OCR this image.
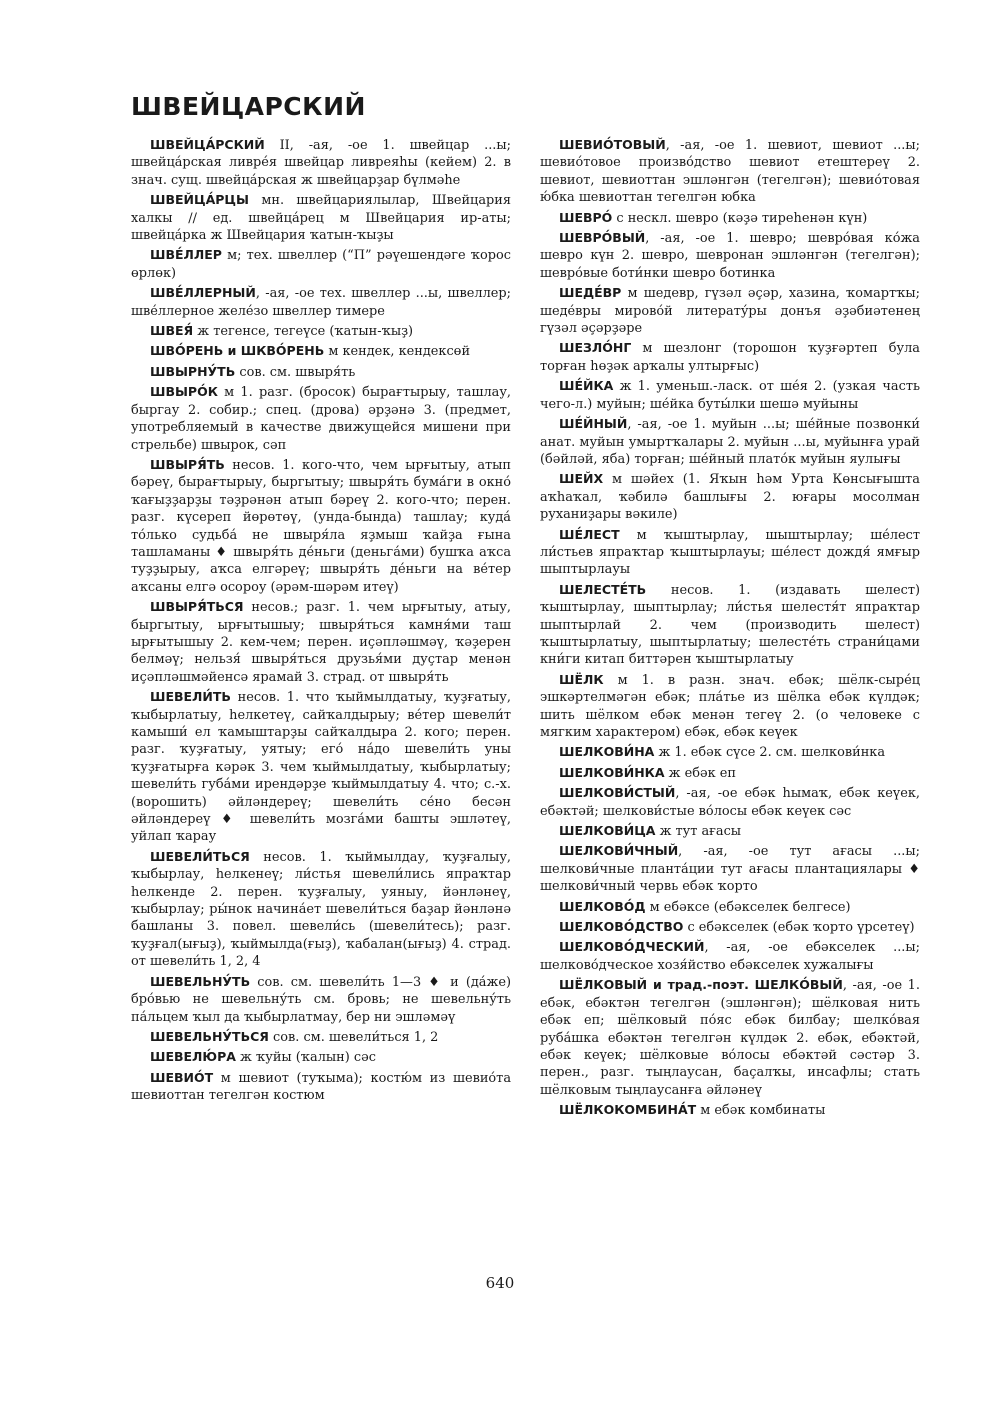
ШВЕЙЦАРСКИЙ

ШВЕЙЦА́РСКИЙ II, -ая, -ое 1. швейцар ...ы; швейца́рская ливре́я швейцар ливреяһы (кейем) 2. в знач. сущ. швейца́рская ж швейцарҙар бүлмәһе

ШВЕЙЦА́РЦЫ мн. швейцариялылар, Швейцария халкы // ед. швейца́рец м Швейцария ир-аты; швейца́рка ж Швейцария ҡатын-ҡыҙы

ШВЕ́ЛЛЕР м; тех. швеллер (“П” рәүешендәге ҡорос өрлөк)

ШВЕ́ЛЛЕРНЫЙ, -ая, -ое тех. швеллер ...ы, швеллер; шве́ллерное желе́зо швеллер тимере

ШВЕЯ́ ж тегенсе, тегеүсе (ҡатын-ҡыҙ)

ШВО́РЕНЬ и ШКВО́РЕНЬ м кендек, кендексөй

ШВЫРНУ́ТЬ сов. см. швыря́ть

ШВЫРО́К м 1. разг. (бросок) бырағтырыу, ташлау, быргау 2. собир.; спец. (дрова) әрҙәнә 3. (предмет, употребляемый в качестве движущейся мишени при стрельбе) швырок, сәп

ШВЫРЯ́ТЬ несов. 1. кого-что, чем ырғытыу, атып бәреү, бырағтырыу, быргытыу; швыря́ть бума́ги в окно́ ҡағыҙҙарҙы тәҙрәнән атып бәреү 2. кого-что; перен. разг. күсереп йөрөтөү, (унда-бында) ташлау; куда́ то́лько судьба́ не швыря́ла яҙмыш ҡайҙа ғына ташламаны ♦ швыря́ть де́ньги (деньга́ми) бушҡа аҡса туҙҙырыу, аҡса елгәреү; швыря́ть де́ньги на ве́тер аҡсаны елгә осороу (әрәм-шәрәм итеү)

ШВЫРЯ́ТЬСЯ несов.; разг. 1. чем ырғытыу, атыу, быргытыу, ырғытышыу; швыря́ться камня́ми таш ырғытышыу 2. кем-чем; перен. иҫәпләшмәү, ҡәҙерен белмәү; нельзя́ швыря́ться друзья́ми дуҫтар менән иҫәпләшмәйенсә ярамай 3. страд. от швыря́ть

ШЕВЕЛИ́ТЬ несов. 1. что ҡыймылдатыу, ҡуҙғатыу, ҡыбырлатыу, һелкетеү, сайҡалдырыу; ве́тер шевели́т камыши́ ел ҡамыштарҙы сайҡалдыра 2. кого; перен. разг. ҡуҙғатыу, уятыу; его́ на́до шевели́ть уны ҡуҙғатырға кәрәк 3. чем ҡыймылдатыу, ҡыбырлатыу; шевели́ть губа́ми ирендәрҙе ҡыймылдатыу 4. что; с.-х. (ворошить) әйләндереү; шевели́ть се́но бесән әйләндереү ♦ шевели́ть мозга́ми башты эшләтеү, уйлап ҡарау

ШЕВЕЛИ́ТЬСЯ несов. 1. ҡыймылдау, ҡуҙғалыу, ҡыбырлау, һелкенеү; ли́стья шевели́лись япраҡтар һелкенде 2. перен. ҡуҙғалыу, уяныу, йәнләнеү, ҡыбырлау; ры́нок начина́ет шевели́ться баҙар йәнләнә башланы 3. повел. шевели́сь (шевели́тесь); разг. ҡуҙғал(ығыҙ), ҡыймылда(ғыҙ), ҡабалан(ығыҙ) 4. страд. от шевели́ть 1, 2, 4

ШЕВЕЛЬНУ́ТЬ сов. см. шевели́ть 1—3 ♦ и (да́же) бро́вью не шевельну́ть см. бровь; не шевельну́ть па́льцем ҡыл да ҡыбырлатмау, бер ни эшләмәү

ШЕВЕЛЬНУ́ТЬСЯ сов. см. шевели́ться 1, 2

ШЕВЕЛЮ́РА ж ҡуйы (ҡалын) сәс

ШЕВИО́Т м шевиот (туҡыма); костю́м из шевио́та шевиоттан тегелгән костюм

ШЕВИО́ТОВЫЙ, -ая, -ое 1. шевиот, шевиот ...ы; шевио́товое произво́дство шевиот етештереү 2. шевиот, шевиоттан эшләнгән (тегелгән); шевио́товая ю́бка шевиоттан тегелгән юбка

ШЕВРО́ с нескл. шевро (кәҙә тиреһенән күн)

ШЕВРО́ВЫЙ, -ая, -ое 1. шевро; шевро́вая ко́жа шевро күн 2. шевро, шевронан эшләнгән (тегелгән); шевро́вые боти́нки шевро ботинка

ШЕДЕ́ВР м шедевр, гүзәл әҫәр, хазина, ҡомартҡы; шеде́вры мирово́й литерату́ры донъя әҙәбиәтенең гүзәл әҫәрҙәре

ШЕЗЛО́НГ м шезлонг (торошон ҡуҙғәртеп була торған һөҙәк арҡалы ултырғыс)

ШЕ́ЙКА ж 1. уменьш.-ласк. от ше́я 2. (узкая часть чего-л.) муйын; ше́йка буты́лки шешә муйыны

ШЕ́ЙНЫЙ, -ая, -ое 1. муйын ...ы; ше́йные позвонки́ анат. муйын умыртҡалары 2. муйын ...ы, муйынға урай (бәйләй, яба) торған; ше́йный плато́к муйын яулығы

ШЕЙХ м шәйех (1. Яҡын һәм Урта Көнсығышта аҡһаҡал, ҡәбилә башлығы 2. юғары мосолман руханиҙары вәкиле)

ШЕ́ЛЕСТ м ҡыштырлау, шыштырлау; ше́лест ли́стьев япраҡтар ҡыштырлауы; ше́лест дождя́ ямғыр шыптырлауы

ШЕЛЕСТЕ́ТЬ несов. 1. (издавать шелест) ҡыштырлау, шыптырлау; ли́стья шелестя́т япраҡтар шыптырлай 2. чем (производить шелест) ҡыштырлатыу, шыптырлатыу; шелесте́ть страни́цами кни́ги китап биттәрен ҡыштырлатыу

ШЁЛК м 1. в разн. знач. ебәк; шёлк-сыре́ц эшкәртелмәгән ебәк; пла́тье из шёлка ебәк күлдәк; шить шёлком ебәк менән тегеү 2. (о человеке с мягким характером) ебәк, ебәк кеүек

ШЕЛКОВИ́НА ж 1. ебәк сүсе 2. см. шелкови́нка

ШЕЛКОВИ́НКА ж ебәк еп

ШЕЛКОВИ́СТЫЙ, -ая, -ое ебәк һымаҡ, ебәк кеүек, ебәктәй; шелкови́стые во́лосы ебәк кеүек сәс

ШЕЛКОВИ́ЦА ж тут ағасы

ШЕЛКОВИ́ЧНЫЙ, -ая, -ое тут ағасы ...ы; шелкови́чные планта́ции тут ағасы плантациялары ♦ шелкови́чный червь ебәк ҡорто

ШЕЛКОВО́Д м ебәксе (ебәкселек белгесе)

ШЕЛКОВО́ДСТВО с ебәкселек (ебәк ҡорто үрсетеү)

ШЕЛКОВО́ДЧЕСКИЙ, -ая, -ое ебәкселек ...ы; шелково́дческое хозя́йство ебәкселек хужалығы

ШЁЛКОВЫЙ и трад.-поэт. ШЕЛКО́ВЫЙ, -ая, -ое 1. ебәк, ебәктән тегелгән (эшләнгән); шёлковая нить ебәк еп; шёлковый по́яс ебәк билбау; шелко́вая руба́шка ебәктән тегелгән күлдәк 2. ебәк, ебәктәй, ебәк кеүек; шёлковые во́лосы ебәктәй сәстәр 3. перен., разг. тыңлаусан, баҫалҡы, инсафлы; стать шёлковым тыңлаусанға әйләнеү

ШЁЛКОКОМБИНА́Т м ебәк комбинаты

640
